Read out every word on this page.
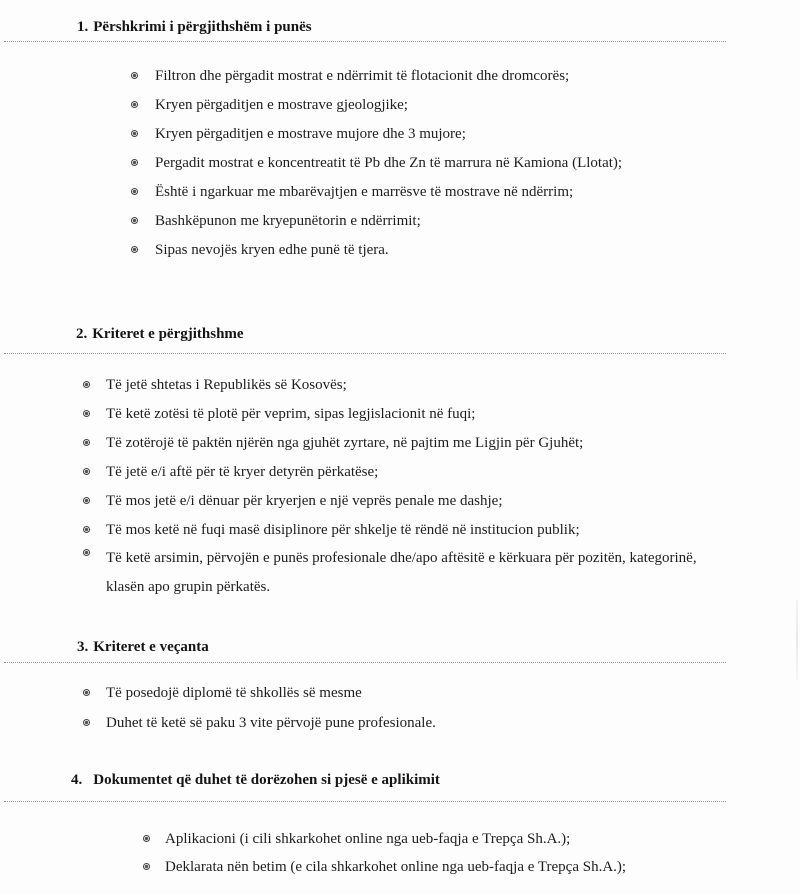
1. Përshkrimi i përgjithshëm i punës
Filtron dhe përgadit mostrat e ndërrimit të flotacionit dhe dromcorës;
Kryen përgaditjen e mostrave gjeologjike;
Kryen përgaditjen e mostrave mujore dhe 3 mujore;
Pergadit mostrat e koncentreatit të Pb dhe Zn të marrura në Kamiona (Llotat);
Është i ngarkuar me mbarëvajtjen e marrësve të mostrave në ndërrim;
Bashkëpunon me kryepunëtorin e ndërrimit;
Sipas nevojës kryen edhe punë të tjera.
2. Kriteret e përgjithshme
Të jetë shtetas i Republikës së Kosovës;
Të ketë zotësi të plotë për veprim, sipas legjislacionit në fuqi;
Të zotërojë të paktën njërën nga gjuhët zyrtare, në pajtim me Ligjin për Gjuhët;
Të jetë e/i aftë për të kryer detyrën përkatëse;
Të mos jetë e/i dënuar për kryerjen e një veprës penale me dashje;
Të mos ketë në fuqi masë disiplinore për shkelje të rëndë në institucion publik;
Të ketë arsimin, përvojën e punës profesionale dhe/apo aftësitë e kërkuara për pozitën, kategorinë, klasën apo grupin përkatës.
3. Kriteret e veçanta
Të posedojë diplomë të shkollës së mesme
Duhet të ketë së paku 3 vite përvojë pune profesionale.
4. Dokumentet që duhet të dorëzohen si pjesë e aplikimit
Aplikacioni (i cili shkarkohet online nga ueb-faqja e Trepça Sh.A.);
Deklarata nën betim (e cila shkarkohet online nga ueb-faqja e Trepça Sh.A.);
